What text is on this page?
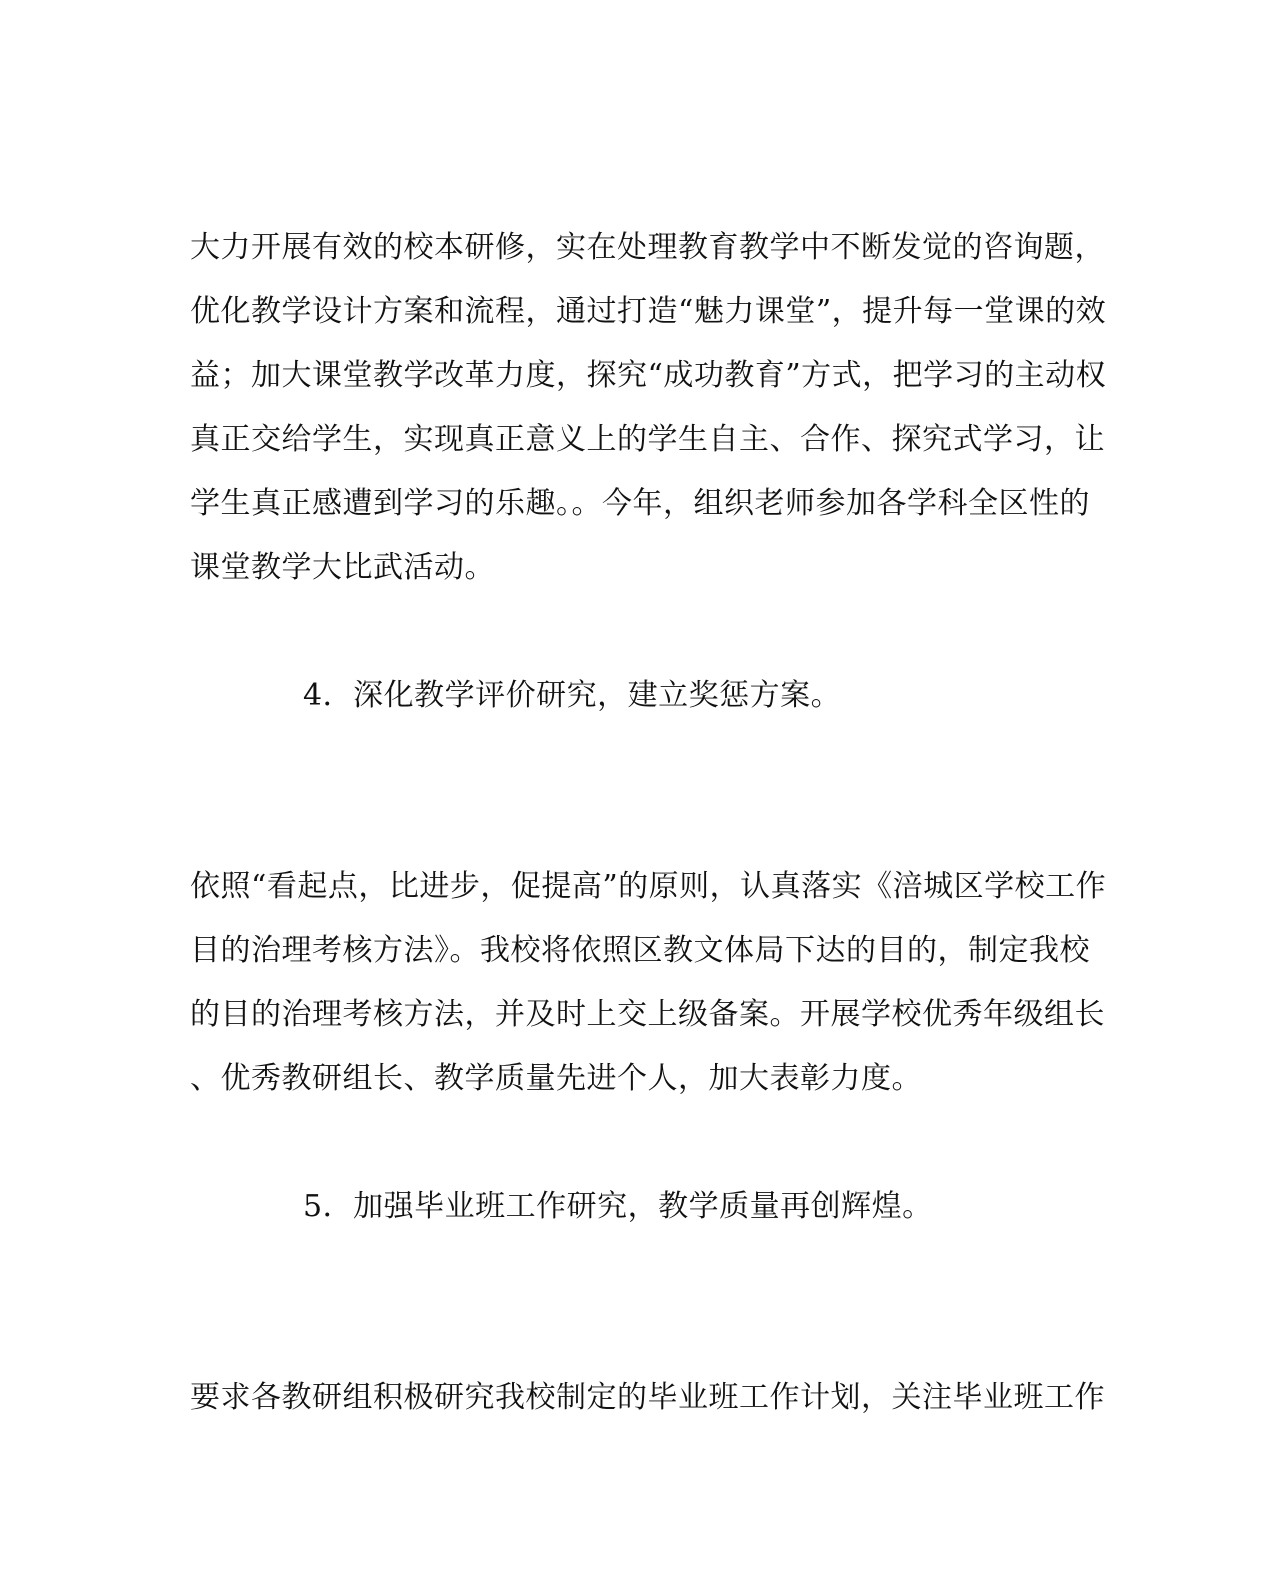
大力开展有效的校本研修，实在处理教育教学中不断发觉的咨询题，
优化教学设计方案和流程，通过打造“魅力课堂”，提升每一堂课的效
益；加大课堂教学改革力度，探究“成功教育”方式，把学习的主动权
真正交给学生，实现真正意义上的学生自主、合作、探究式学习，让
学生真正感遭到学习的乐趣。。今年，组织老师参加各学科全区性的
课堂教学大比武活动。
4．深化教学评价研究，建立奖惩方案。
依照“看起点，比进步，促提高”的原则，认真落实《涪城区学校工作
目的治理考核方法》。我校将依照区教文体局下达的目的，制定我校
的目的治理考核方法，并及时上交上级备案。开展学校优秀年级组长
、优秀教研组长、教学质量先进个人，加大表彰力度。
5．加强毕业班工作研究，教学质量再创辉煌。
要求各教研组积极研究我校制定的毕业班工作计划，关注毕业班工作
